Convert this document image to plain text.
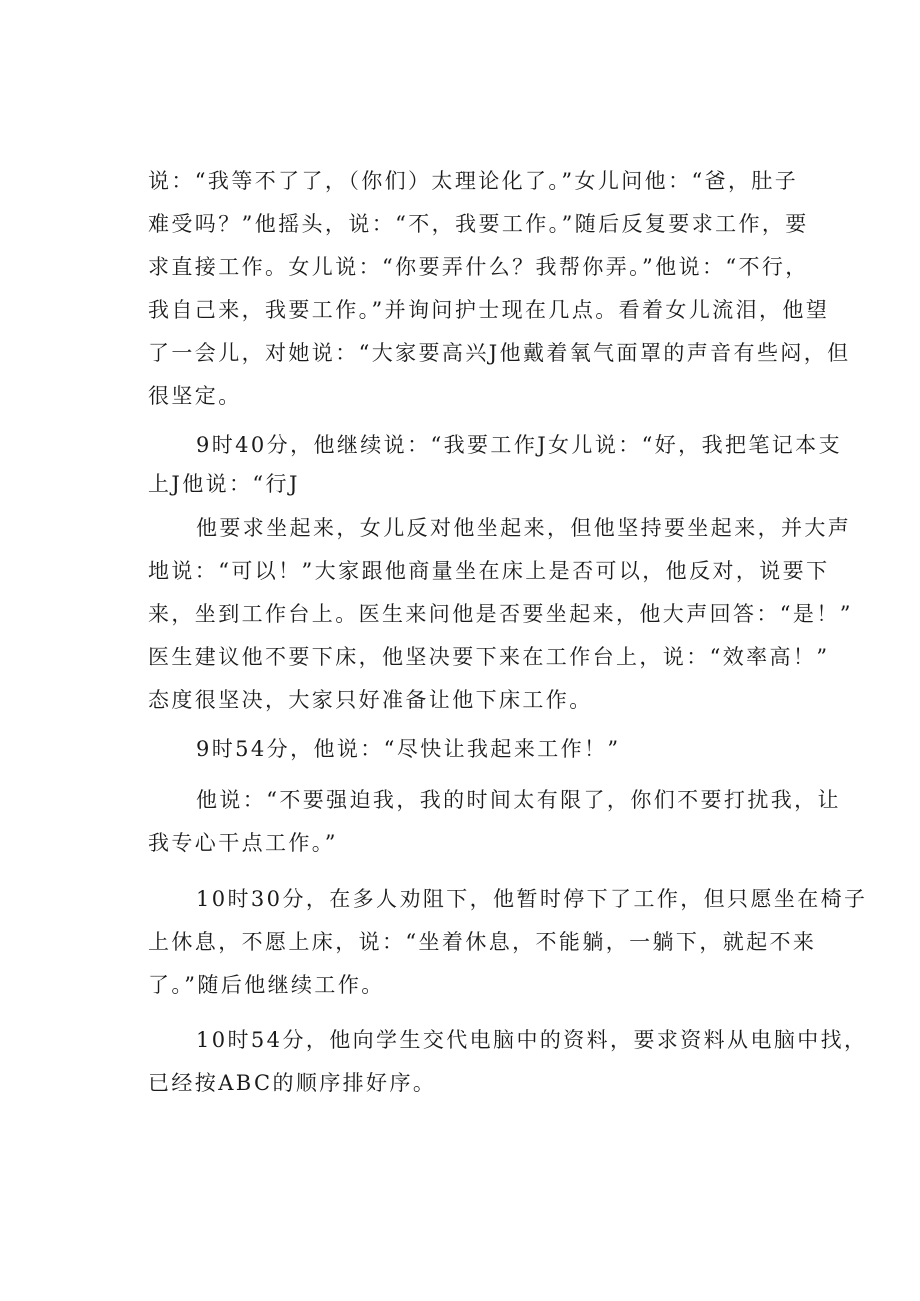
说：“我等不了了，（你们）太理论化了。”女儿问他：“爸，肚子
难受吗？”他摇头，说：“不，我要工作。”随后反复要求工作，要
求直接工作。女儿说：“你要弄什么？我帮你弄。”他说：“不行，
我自己来，我要工作。”并询问护士现在几点。看着女儿流泪，他望
了一会儿，对她说：“大家要高兴J他戴着氧气面罩的声音有些闷，但
很坚定。
9时40分，他继续说：“我要工作J女儿说：“好，我把笔记本支
上J他说：“行J
他要求坐起来，女儿反对他坐起来，但他坚持要坐起来，并大声
地说：“可以！”大家跟他商量坐在床上是否可以，他反对，说要下
来，坐到工作台上。医生来问他是否要坐起来，他大声回答：“是！”
医生建议他不要下床，他坚决要下来在工作台上，说：“效率高！”
态度很坚决，大家只好准备让他下床工作。
9时54分，他说：“尽快让我起来工作！”
他说：“不要强迫我，我的时间太有限了，你们不要打扰我，让
我专心干点工作。”
10时30分，在多人劝阻下，他暂时停下了工作，但只愿坐在椅子
上休息，不愿上床，说：“坐着休息，不能躺，一躺下，就起不来
了。”随后他继续工作。
10时54分，他向学生交代电脑中的资料，要求资料从电脑中找，
已经按ABC的顺序排好序。
